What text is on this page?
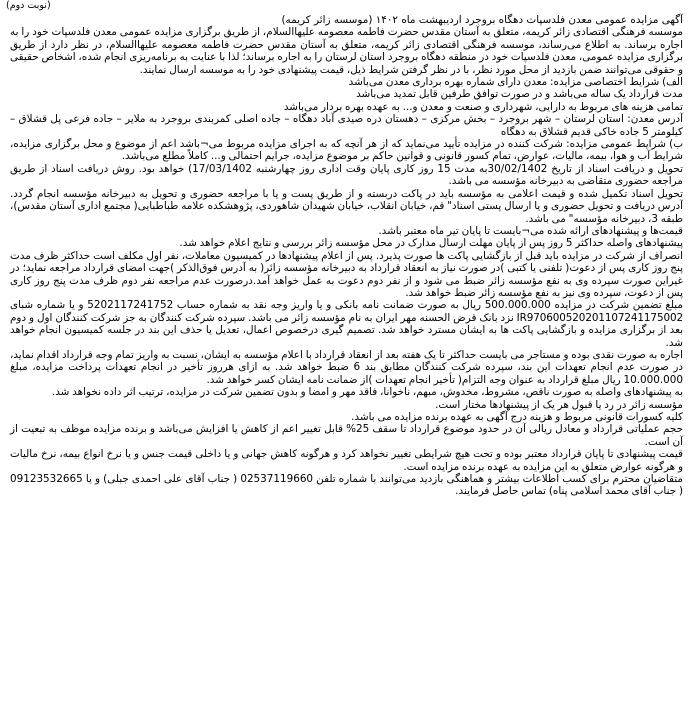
(نوبت دوم)
آگهی مزایده عمومی معدن فلدسپات دهگاه بروجرد اردیبهشت ماه ۱۴۰۲ (موسسه زائر کریمه)

موسسه فرهنگی اقتصادی زائر کریمه، متعلق به آستان مقدس حضرت فاطمه معصومه علیهاالسلام، از طریق برگزاری مزایده عمومی معدن فلدسپات خود را به اجاره برساند. به اطلاع می‌رساند، موسسه فرهنگی اقتصادی زائر کریمه، متعلق به آستان مقدس حضرت فاطمه معصومه علیهاالسلام، در نظر دارد از طریق برگزاری مزایده عمومی، معدن فلدسپات خود در منطقه دهگاه بروجرد استان لرستان را به اجاره برساند؛ لذا با عنایت به برنامه‌ریزی انجام شده، اشخاص حقیقی و حقوقی می‌توانند ضمن بازدید از محل مورد نظر، با در نظر گرفتن شرایط ذیل، قیمت پیشنهادی خود را به موسسه ارسال نمایند.

الف) شرایط اختصاصی مزایده: معدن دارای شماره بهره برداری معدن می‌باشد

مدت قرارداد یک ساله می‌باشد و در صورت توافق طرفین قابل تمدید می‌باشد

تمامی هزینه های مربوط به دارایی، شهرداری و صنعت و معدن و... به عهده بهره بردار می‌باشد

آدرس معدن: استان لرستان – شهر بروجرد – بخش مرکزی – دهستان دره صیدی آباد دهگاه – جاده اصلی کمربندی بروجرد به ملایر – جاده فرعی پل قشلاق – کیلومتر 5 جاده خاکی قدیم قشلاق به دهگاه

ب) شرایط عمومی مزایده: شرکت کننده در مزایده تأیید می‌نماید که از هر آنچه که به اجرای مزایده مربوط می¬باشد اعم از موضوع و محل برگزاری مزایده، شرایط آب و هوا، بیمه، مالیات، عوارض، تمام کسور قانونی و قوانین حاکم بر موضوع مزایده، جرایم احتمالی و... کاملاً مطلع می‌باشد.

تحویل و دریافت اسناد از تاریخ 30/02/1402به مدت 15 روز کاری پایان وقت اداری روز چهارشنبه 17/03/1402) خواهد بود. روش دریافت اسناد از طریق مراجعه حضوری متقاضی به دبیرخانه مؤسسه می باشد.

تحویل اسناد تکمیل شده و قیمت اعلامی به مؤسسه باید در پاکت دربسته و از طریق پست و یا با مراجعه حضوری و تحویل به دبیرخانه مؤسسه انجام گردد. آدرس دریافت و تحویل حضوری و یا ارسال پستی اسناد" قم، خیابان انقلاب، خیابان شهیدان شاهوردی، پژوهشکده علامه طباطبایی( مجتمع اداری آستان مقدس)، طبقه 3، دبیرخانه مؤسسه" می باشد.

قیمت‌ها و پیشنهادهای ارائه شده می¬بایست تا پایان تیر ماه معتبر باشد.

پیشنهادهای واصله حداکثر 5 روز پس از پایان مهلت ارسال مدارک در محل مؤسسه زائر بررسی و نتایج اعلام خواهد شد.

انصراف از شرکت در مزایده باید قبل از بازگشایی پاکت ها صورت پذیرد. پس از اعلام پیشنهادها در کمیسیون معاملات، نفر اول مکلف است حداکثر ظرف مدت پنج روز کاری پس از دعوت( تلفنی یا کتبی )در صورت نیاز به انعقاد قرارداد به دبیرخانه مؤسسه زائر( به آدرس فوق‌الذکر )جهت امضای قرارداد مراجعه نماید؛ در غیراین صورت سپرده وی به نفع مؤسسه زائر ضبط می شود و از نفر دوم دعوت به عمل خواهد آمد.درصورت عدم مراجعه نفر دوم ظرف مدت پنج روز کاری پس از دعوت، سپرده وی نیز به نفع مؤسسه زائر ضبط خواهد شد.

مبلغ تضمین شرکت در مزایده 500.000.000 ریال به صورت ضمانت نامه بانکی و یا واریز وجه نقد به شماره حساب 5202117241752 و یا شماره شبای IR970600520201107241175002 نزد بانک قرض الحسنه مهر ایران به نام مؤسسه زائر می باشد. سپرده شرکت کنندگان به جز شرکت کنندگان اول و دوم بعد از برگزاری مزایده و بازگشایی پاکت ها به ایشان مسترد خواهد شد. تصمیم گیری درخصوص اعمال، تعدیل یا حذف این بند در جلسه کمیسیون انجام خواهد شد.

اجاره به صورت نقدی بوده و مستاجر می بایست حداکثر تا یک هفته بعد از انعقاد قرارداد با اعلام مؤسسه به ایشان، نسبت به واریز تمام وجه قرارداد اقدام نماید، در صورت عدم انجام تعهدات این بند، سپرده شرکت کنندگان مطابق بند 6 ضبط خواهد شد. به ازای هرروز تأخیر در انجام تعهدات پرداخت مزایده، مبلغ 10.000.000 ریال مبلغ قرارداد به عنوان وجه التزام( تأخیر انجام تعهدات )از ضمانت نامه ایشان کسر خواهد شد.

به پیشنهادهای واصله به صورت ناقص، مشروط، مخدوش، مبهم، ناخوانا، فاقد مهر و امضا و بدون تضمین شرکت در مزایده، ترتیب اثر داده نخواهد شد.

مؤسسه زائر در رد یا قبول هر یک از پیشنهادها مختار است.

کلیه کسورات قانونی مربوط و هزینه درج آگهی به عهده برنده مزایده می باشد.

حجم عملیاتی قرارداد و معادل ریالی آن در حدود موضوع قرارداد تا سقف 25% قابل تغییر اعم از کاهش یا افزایش می‌باشد و برنده مزایده موظف به تبعیت از آن است.

قیمت پیشنهادی تا پایان قرارداد معتبر بوده و تحت هیچ شرایطی تغییر نخواهد کرد و هرگونه کاهش جهانی و یا داخلی قیمت جنس و یا نرخ انواع بیمه، نرخ مالیات و هرگونه عوارض متعلق به این مزایده به عهده برنده مزایده است.

متقاضیان محترم برای کسب اطلاعات بیشتر و هماهنگی بازدید می‌توانند با شماره تلفن 02537119660 ( جناب آقای علی احمدی جبلی) و یا 09123532665 ( جناب آقای محمد اسلامی پناه) تماس حاصل فرمایند.
